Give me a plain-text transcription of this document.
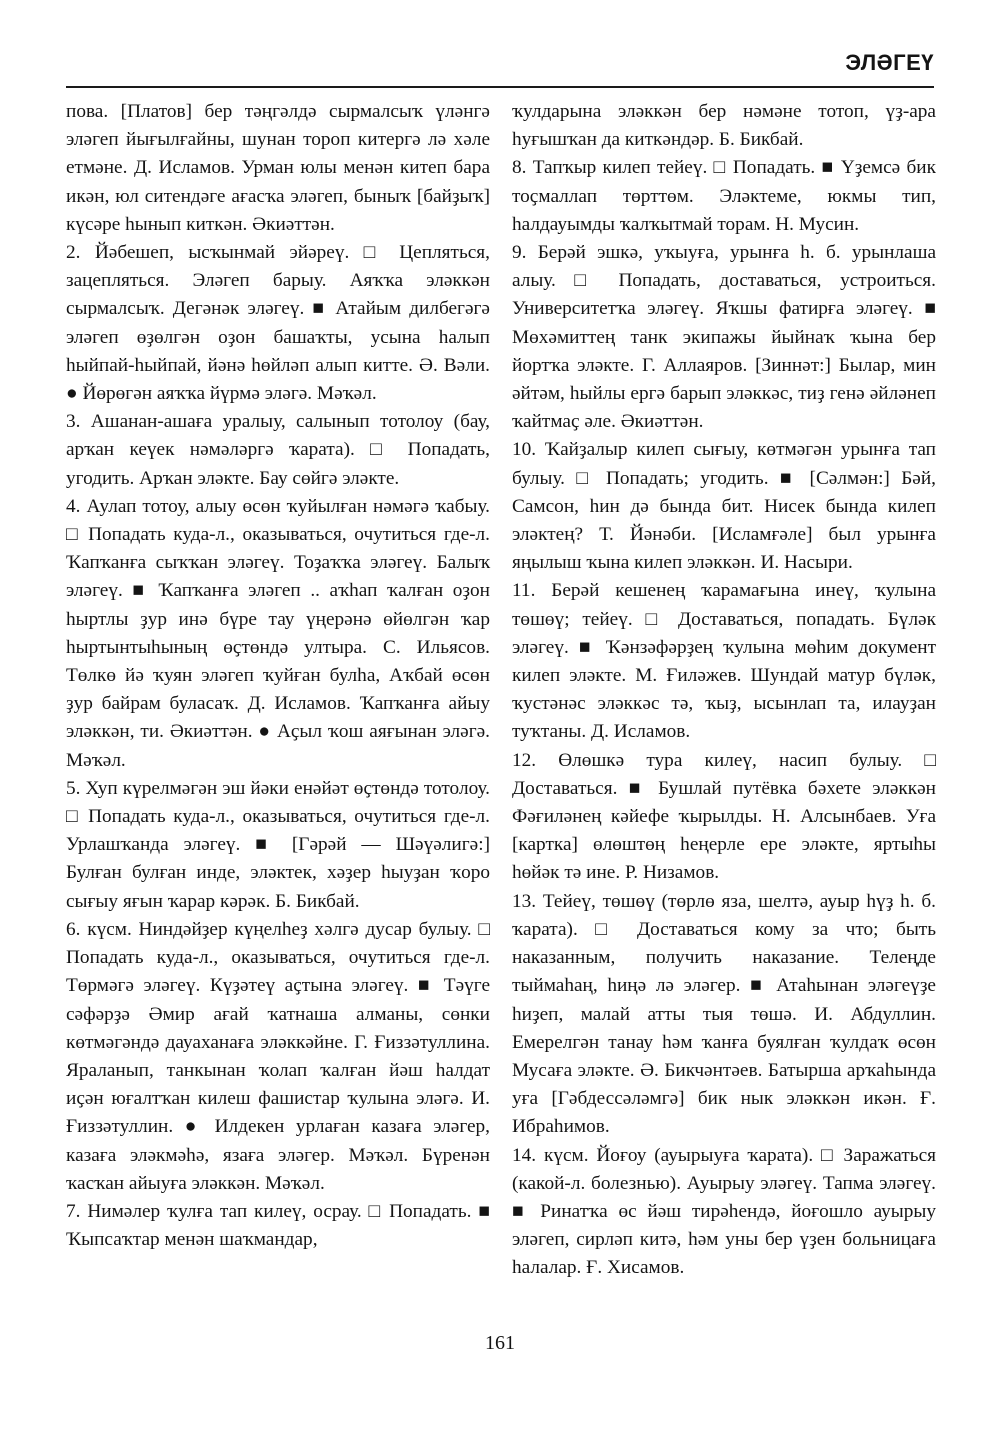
ЭЛӘГЕҮ

пова. [Платов] бер тәңгәлдә сырмалсыҡ үләнгә эләгеп йығылғайны, шунан тороп китергә лә хәле етмәне. Д. Исламов. Урман юлы менән китеп бара икән, юл ситендәге ағасҡа эләгеп, быныҡ [байҙыҡ] күсәре һынып киткән. Әкиәттән.

2. Йәбешеп, ысҡынмай эйәреү. □ Цепляться, зацепляться. Эләгеп барыу. Аяҡҡа эләккән сырмалсыҡ. Дегәнәк эләгеү. ■ Атайым дилбегәгә эләгеп өҙөлгән оҙон башаҡты, усына һалып һыйпай-һыйпай, йәнә һөйләп алып китте. Ә. Вәли. ● Йөрөгән аяҡҡа йүрмә эләгә. Мәҡәл.

3. Ашанан-ашаға уралыу, салынып тотолоу (бау, арҡан кеүек нәмәләргә ҡарата). □ Попадать, угодить. Арҡан эләкте. Бау сөйгә эләкте.

4. Аулап тотоу, алыу өсөн ҡуйылған нәмәгә ҡабыу. □ Попадать куда-л., оказываться, очутиться где-л. Ҡапҡанға сыҡҡан эләгеү. Тоҙаҡҡа эләгеү. Балыҡ эләгеү. ■ Ҡапҡанға эләгеп .. аҡһап ҡалған оҙон һыртлы ҙур инә бүре тау үңерәнә өйөлгән ҡар һыртынтыһының өҫтөндә ултыра. С. Ильясов. Төлкө йә ҡуян эләгеп ҡуйған булһа, Аҡбай өсөн ҙур байрам буласаҡ. Д. Исламов. Ҡапҡанға айыу эләккән, ти. Әкиәттән. ● Аҫыл ҡош аяғынан эләгә. Мәҡәл.

5. Хуп күрелмәгән эш йәки енәйәт өҫтөндә тотолоу. □ Попадать куда-л., оказываться, очутиться где-л. Урлашҡанда эләгеү. ■ [Гәрәй — Шәүәлигә:] Булған булған инде, эләктек, хәҙер һыуҙан ҡоро сығыу яғын ҡарар кәрәк. Б. Бикбай.

6. күсм. Ниндәйҙер күңелһеҙ хәлгә дусар булыу. □ Попадать куда-л., оказываться, очутиться где-л. Төрмәгә эләгеү. Күҙәтеү аҫтына эләгеү. ■ Тәүге сәфәрҙә Әмир ағай ҡатнаша алманы, сөнки көтмәгәндә дауаханаға эләккәйне. Г. Ғиззәтуллина. Яраланып, танкынан ҡолап ҡалған йәш һалдат иҫән юғалтҡан килеш фашистар ҡулына эләгә. И. Ғиззәтуллин. ● Илдекен урлаған казаға эләгер, казаға эләкмәһә, язаға эләгер. Мәҡәл. Бүренән ҡасҡан айыуға эләккән. Мәҡәл.

7. Нимәлер ҡулға тап килеү, осрау. □ Попадать. ■ Ҡыпсаҡтар менән шаҡмандар,

ҡулдарына эләккән бер нәмәне тотоп, үҙ-ара һуғышҡан да киткәндәр. Б. Бикбай.

8. Тапҡыр килеп тейеү. □ Попадать. ■ Үҙемсә бик тоҫмаллап төрттөм. Эләктеме, юкмы тип, һалдауымды ҡалҡытмай торам. Н. Мусин.

9. Берәй эшкә, уҡыуға, урынға һ. б. урынлаша алыу. □ Попадать, доставаться, устроиться. Университетҡа эләгеү. Яҡшы фатирға эләгеү. ■ Мөхәмиттең танк экипажы йыйнаҡ ҡына бер йортҡа эләкте. Г. Аллаяров. [Зиннәт:] Былар, мин әйтәм, һыйлы ергә барып эләккәс, тиҙ генә әйләнеп ҡайтмаҫ әле. Әкиәттән.

10. Ҡайҙалыр килеп сығыу, көтмәгән урынға тап булыу. □ Попадать; угодить. ■ [Сәлмән:] Бәй, Самсон, һин дә бында бит. Нисек бында килеп эләктең? Т. Йәнәби. [Исламғәле] был урынға яңылыш ҡына килеп эләккән. И. Насыри.

11. Берәй кешенең ҡарамағына инеү, ҡулына төшөү; тейеү. □ Доставаться, попадать. Бүләк эләгеү. ■ Ҡәнзәфәрҙең ҡулына мөһим документ килеп эләкте. М. Ғиләжев. Шундай матур бүләк, ҡустәнәс эләккәс тә, ҡыҙ, ысынлап та, илауҙан туҡтаны. Д. Исламов.

12. Өлөшкә тура килеү, насип булыу. □ Доставаться. ■ Бушлай путёвка бәхете эләккән Фәғиләнең кәйефе ҡырылды. Н. Алсынбаев. Уға [картка] өлөштөң һеңерле ере эләкте, яртыһы һөйәк тә ине. Р. Низамов.

13. Тейеү, төшөү (төрлө яза, шелтә, ауыр һүҙ һ. б. ҡарата). □ Доставаться кому за что; быть наказанным, получить наказание. Телеңде тыймаһаң, һиңә лә эләгер. ■ Атаһынан эләгеүҙе һиҙеп, малай атты тыя төшә. И. Абдуллин. Емерелгән танау һәм ҡанға буялған ҡулдаҡ өсөн Мусаға эләкте. Ә. Бикчәнтәев. Батырша арҡаһында уға [Гәбдессәләмгә] бик нык эләккән икән. Ғ. Ибраһимов.

14. күсм. Йоғоу (ауырыуға ҡарата). □ Заражаться (какой-л. болезнью). Ауырыу эләгеү. Тапма эләгеү. ■ Ринатҡа өс йәш тирәһендә, йоғошло ауырыу эләгеп, сирләп китә, һәм уны бер үҙен больницаға һалалар. Ғ. Хисамов.

161
